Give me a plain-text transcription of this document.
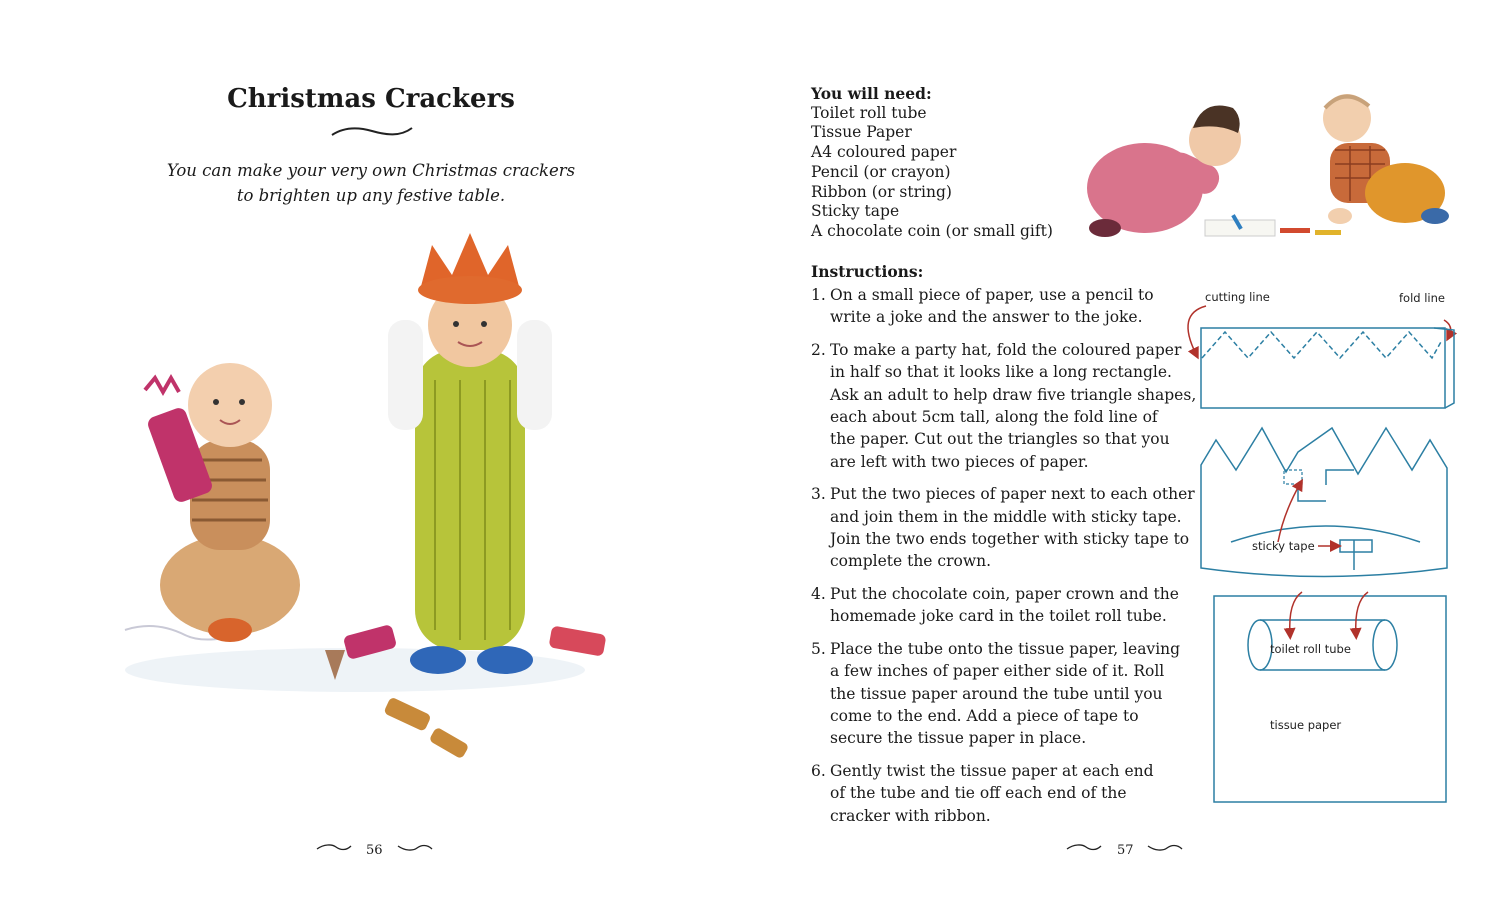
Christmas Crackers

You can make your very own Christmas crackers
to brighten up any festive table.

56	57
You will need:
Toilet roll tube
Tissue Paper
A4 coloured paper
Pencil (or crayon)
Ribbon (or string)
Sticky tape
A chocolate coin (or small gift)
Instructions:
1. On a small piece of paper, use a pencil to
write a joke and the answer to the joke.
2. To make a party hat, fold the coloured paper
in half so that it looks like a long rectangle.
Ask an adult to help draw five triangle shapes,
each about 5cm tall, along the fold line of
the paper. Cut out the triangles so that you
are left with two pieces of paper.
3. Put the two pieces of paper next to each other
and join them in the middle with sticky tape.
Join the two ends together with sticky tape to
complete the crown.
4. Put the chocolate coin, paper crown and the
homemade joke card in the toilet roll tube.
5. Place the tube onto the tissue paper, leaving
a few inches of paper either side of it. Roll
the tissue paper around the tube until you
come to the end. Add a piece of tape to
secure the tissue paper in place.
6. Gently twist the tissue paper at each end
of the tube and tie off each end of the
cracker with ribbon.
cutting line	fold line
sticky tape
toilet roll tube
tissue paper
